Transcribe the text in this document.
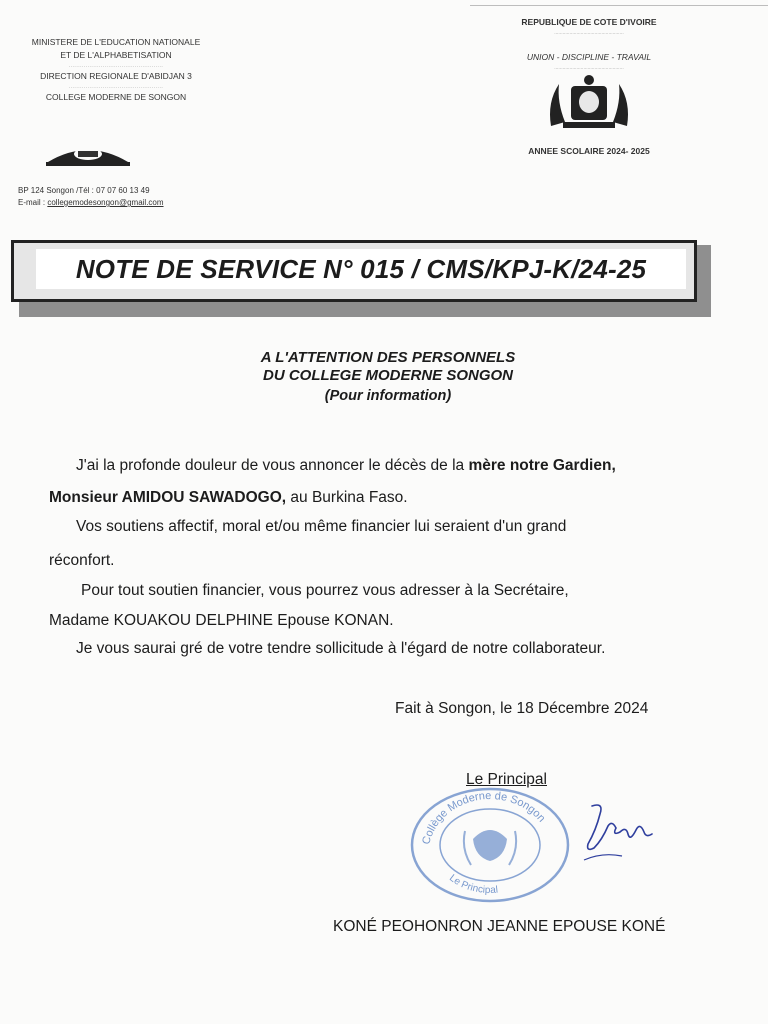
MINISTERE DE L'EDUCATION NATIONALE
ET DE L'ALPHABETISATION
..................................................
DIRECTION REGIONALE D'ABIDJAN 3
..................................................
COLLEGE MODERNE DE SONGON
BP 124 Songon /Tél : 07 07 60 13 49
E-mail : collegemodesongon@gmail.com
REPUBLIQUE DE COTE D'IVOIRE
..................................................
UNION - DISCIPLINE - TRAVAIL
..................................................
ANNEE SCOLAIRE 2024- 2025
NOTE DE SERVICE N° 015 / CMS/KPJ-K/24-25
A L'ATTENTION DES PERSONNELS
DU COLLEGE MODERNE SONGON
(Pour information)
J'ai la profonde douleur de vous annoncer le décès de la mère notre Gardien,
Monsieur AMIDOU SAWADOGO, au Burkina Faso.
Vos soutiens affectif, moral et/ou même financier lui seraient d'un grand
réconfort.
Pour tout soutien financier, vous pourrez vous adresser à la Secrétaire,
Madame KOUAKOU DELPHINE Epouse KONAN.
Je vous saurai gré de votre tendre sollicitude à l'égard de notre collaborateur.
Fait à Songon, le 18 Décembre 2024
Le Principal
Collège Moderne de Songon
Le Principal
KONÉ PEOHONRON JEANNE EPOUSE KONÉ
